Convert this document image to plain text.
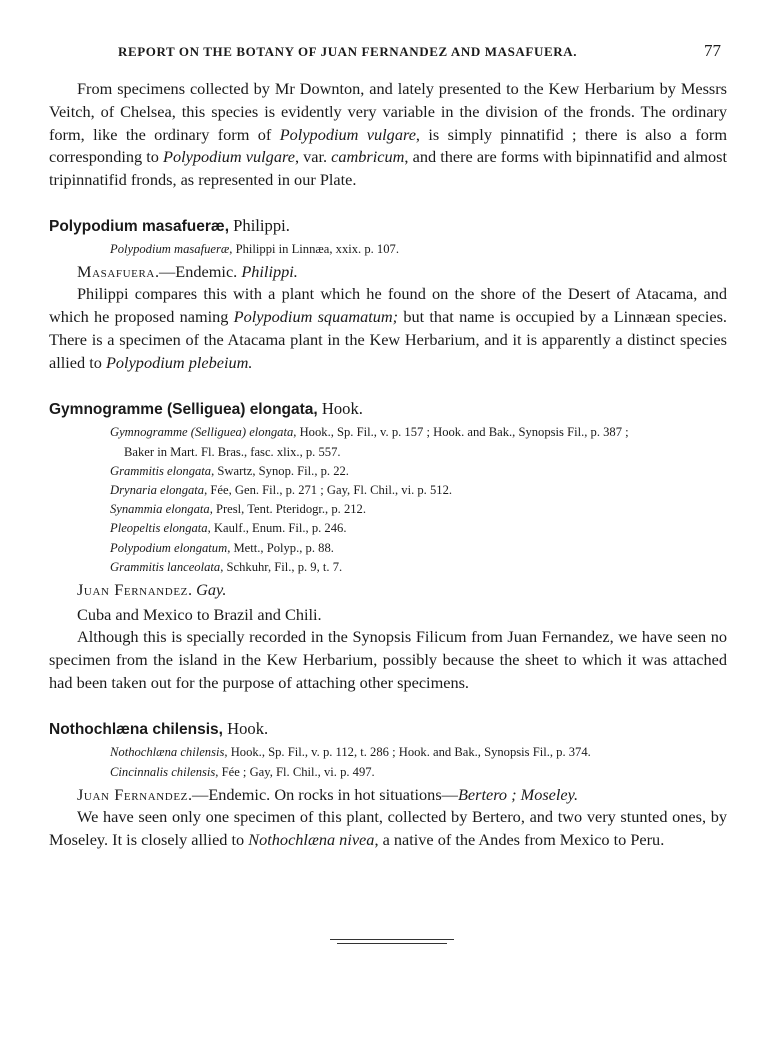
REPORT ON THE BOTANY OF JUAN FERNANDEZ AND MASAFUERA.	77

From specimens collected by Mr Downton, and lately presented to the Kew Herbarium by Messrs Veitch, of Chelsea, this species is evidently very variable in the division of the fronds. The ordinary form, like the ordinary form of Polypodium vulgare, is simply pinnatifid ; there is also a form corresponding to Polypodium vulgare, var. cambricum, and there are forms with bipinnatifid and almost tripinnatifid fronds, as represented in our Plate.

Polypodium masafueræ, Philippi.
Polypodium masafueræ, Philippi in Linnæa, xxix. p. 107.
Masafuera.—Endemic. Philippi.

Philippi compares this with a plant which he found on the shore of the Desert of Atacama, and which he proposed naming Polypodium squamatum; but that name is occupied by a Linnæan species. There is a specimen of the Atacama plant in the Kew Herbarium, and it is apparently a distinct species allied to Polypodium plebeium.

Gymnogramme (Selliguea) elongata, Hook.
Gymnogramme (Selliguea) elongata, Hook., Sp. Fil., v. p. 157 ; Hook. and Bak., Synopsis Fil., p. 387 ;
Baker in Mart. Fl. Bras., fasc. xlix., p. 557.
Grammitis elongata, Swartz, Synop. Fil., p. 22.
Drynaria elongata, Fée, Gen. Fil., p. 271 ; Gay, Fl. Chil., vi. p. 512.
Synammia elongata, Presl, Tent. Pteridogr., p. 212.
Pleopeltis elongata, Kaulf., Enum. Fil., p. 246.
Polypodium elongatum, Mett., Polyp., p. 88.
Grammitis lanceolata, Schkuhr, Fil., p. 9, t. 7.
Juan Fernandez. Gay.
Cuba and Mexico to Brazil and Chili.

Although this is specially recorded in the Synopsis Filicum from Juan Fernandez, we have seen no specimen from the island in the Kew Herbarium, possibly because the sheet to which it was attached had been taken out for the purpose of attaching other specimens.

Nothochlæna chilensis, Hook.
Nothochlæna chilensis, Hook., Sp. Fil., v. p. 112, t. 286 ; Hook. and Bak., Synopsis Fil., p. 374.
Cincinnalis chilensis, Fée ; Gay, Fl. Chil., vi. p. 497.
Juan Fernandez.—Endemic. On rocks in hot situations—Bertero ; Moseley.

We have seen only one specimen of this plant, collected by Bertero, and two very stunted ones, by Moseley. It is closely allied to Nothochlæna nivea, a native of the Andes from Mexico to Peru.
